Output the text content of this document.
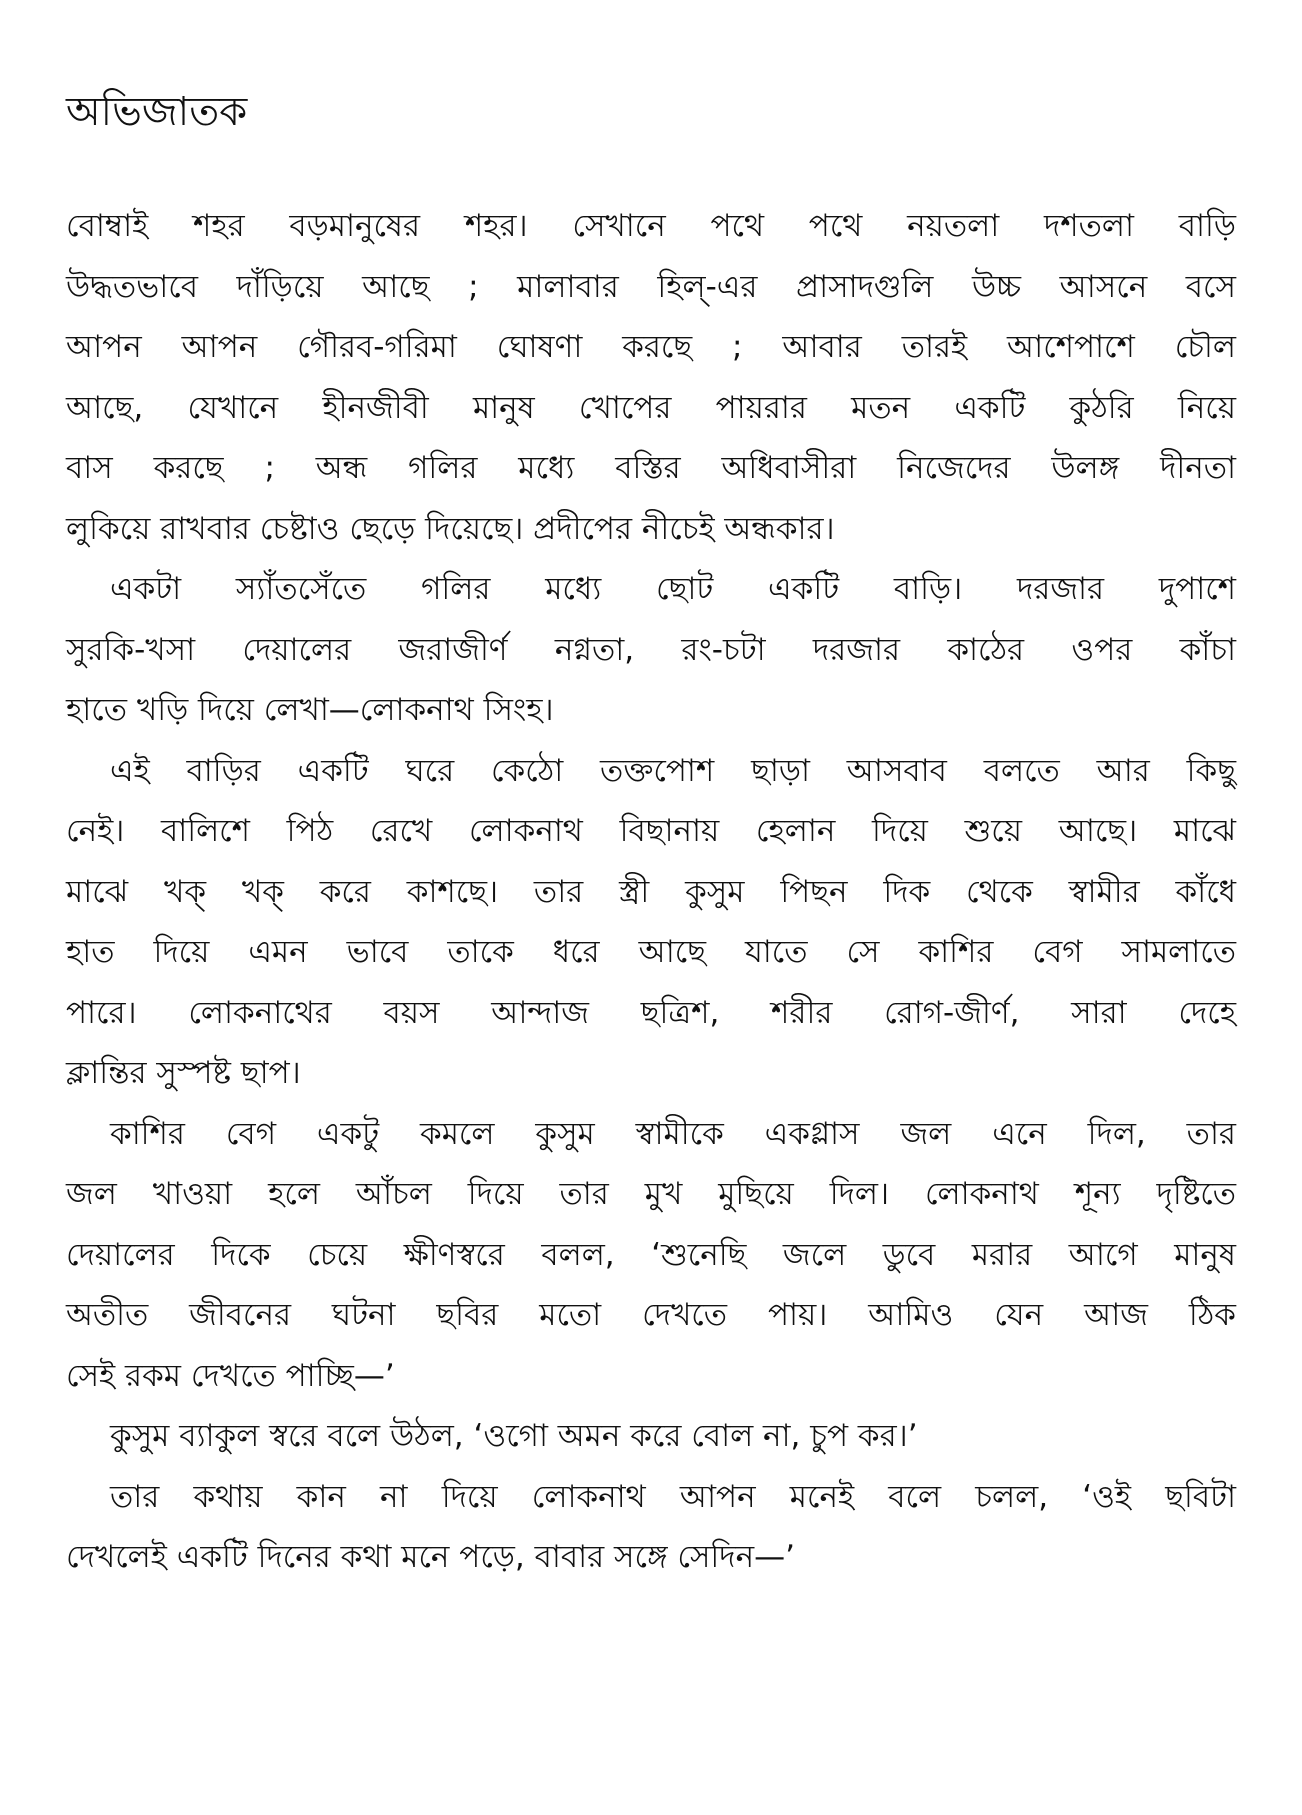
অভিজাতক
বোম্বাই শহর বড়মানুষের শহর। সেখানে পথে পথে নয়তলা দশতলা বাড়ি
উদ্ধতভাবে দাঁড়িয়ে আছে ; মালাবার হিল্-এর প্রাসাদগুলি উচ্চ আসনে বসে
আপন আপন গৌরব-গরিমা ঘোষণা করছে ; আবার তারই আশেপাশে চৌল
আছে, যেখানে হীনজীবী মানুষ খোপের পায়রার মতন একটি কুঠরি নিয়ে
বাস করছে ; অন্ধ গলির মধ্যে বস্তির অধিবাসীরা নিজেদের উলঙ্গ দীনতা
লুকিয়ে রাখবার চেষ্টাও ছেড়ে দিয়েছে। প্রদীপের নীচেই অন্ধকার।
একটা স্যাঁতসেঁতে গলির মধ্যে ছোট একটি বাড়ি। দরজার দুপাশে
সুরকি-খসা দেয়ালের জরাজীর্ণ নগ্নতা, রং-চটা দরজার কাঠের ওপর কাঁচা
হাতে খড়ি দিয়ে লেখা—লোকনাথ সিংহ।
এই বাড়ির একটি ঘরে কেঠো তক্তপোশ ছাড়া আসবাব বলতে আর কিছু
নেই। বালিশে পিঠ রেখে লোকনাথ বিছানায় হেলান দিয়ে শুয়ে আছে। মাঝে
মাঝে খক্ খক্ করে কাশছে। তার স্ত্রী কুসুম পিছন দিক থেকে স্বামীর কাঁধে
হাত দিয়ে এমন ভাবে তাকে ধরে আছে যাতে সে কাশির বেগ সামলাতে
পারে। লোকনাথের বয়স আন্দাজ ছত্রিশ, শরীর রোগ-জীর্ণ, সারা দেহে
ক্লান্তির সুস্পষ্ট ছাপ।
কাশির বেগ একটু কমলে কুসুম স্বামীকে একগ্লাস জল এনে দিল, তার
জল খাওয়া হলে আঁচল দিয়ে তার মুখ মুছিয়ে দিল। লোকনাথ শূন্য দৃষ্টিতে
দেয়ালের দিকে চেয়ে ক্ষীণস্বরে বলল, ‘শুনেছি জলে ডুবে মরার আগে মানুষ
অতীত জীবনের ঘটনা ছবির মতো দেখতে পায়। আমিও যেন আজ ঠিক
সেই রকম দেখতে পাচ্ছি—’
কুসুম ব্যাকুল স্বরে বলে উঠল, ‘ওগো অমন করে বোল না, চুপ কর।’
তার কথায় কান না দিয়ে লোকনাথ আপন মনেই বলে চলল, ‘ওই ছবিটা
দেখলেই একটি দিনের কথা মনে পড়ে, বাবার সঙ্গে সেদিন—’
